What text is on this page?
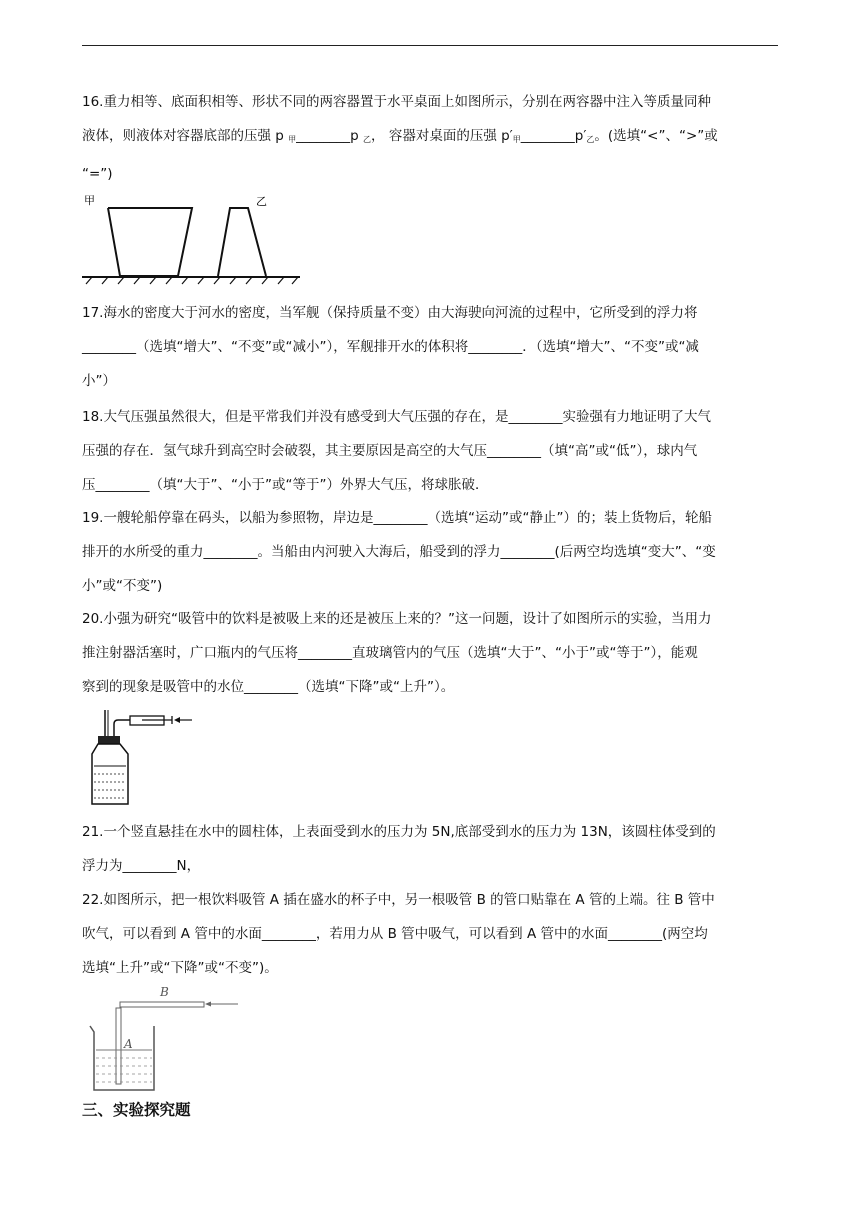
16.重力相等、底面积相等、形状不同的两容器置于水平桌面上如图所示，分别在两容器中注入等质量同种
液体，则液体对容器底部的压强 p $_甲$________p $_乙$， 容器对桌面的压强 $p'_甲\_\_\_\_\_\_\_\_p'_乙$。(选填“<”、“>”或
“=”)
甲	乙
17.海水的密度大于河水的密度，当军舰（保持质量不变）由大海驶向河流的过程中，它所受到的浮力将
________（选填“增大”、“不变”或“减小”），军舰排开水的体积将________．（选填“增大”、“不变”或“减
小”）
18.大气压强虽然很大，但是平常我们并没有感受到大气压强的存在，是________实验强有力地证明了大气
压强的存在．氢气球升到高空时会破裂，其主要原因是高空的大气压________（填“高”或“低”），球内气
压________（填“大于”、“小于”或“等于”）外界大气压，将球胀破．
19.一艘轮船停靠在码头，以船为参照物，岸边是________（选填“运动”或“静止”）的；装上货物后，轮船
排开的水所受的重力________。当船由内河驶入大海后，船受到的浮力________(后两空均选填“变大”、“变
小”或“不变”)
20.小强为研究“吸管中的饮料是被吸上来的还是被压上来的？”这一问题，设计了如图所示的实验，当用力
推注射器活塞时，广口瓶内的气压将________直玻璃管内的气压（选填“大于”、“小于”或“等于”），能观
察到的现象是吸管中的水位________（选填“下降”或“上升”）。
21.一个竖直悬挂在水中的圆柱体，上表面受到水的压力为 5N,底部受到水的压力为 13N，该圆柱体受到的
浮力为________N，
22.如图所示，把一根饮料吸管 A 插在盛水的杯子中，另一根吸管 B 的管口贴靠在 A 管的上端。往 B 管中
吹气，可以看到 A 管中的水面________，若用力从 B 管中吸气，可以看到 A 管中的水面________(两空均
选填“上升”或“下降”或“不变”)。
B
A
三、实验探究题
